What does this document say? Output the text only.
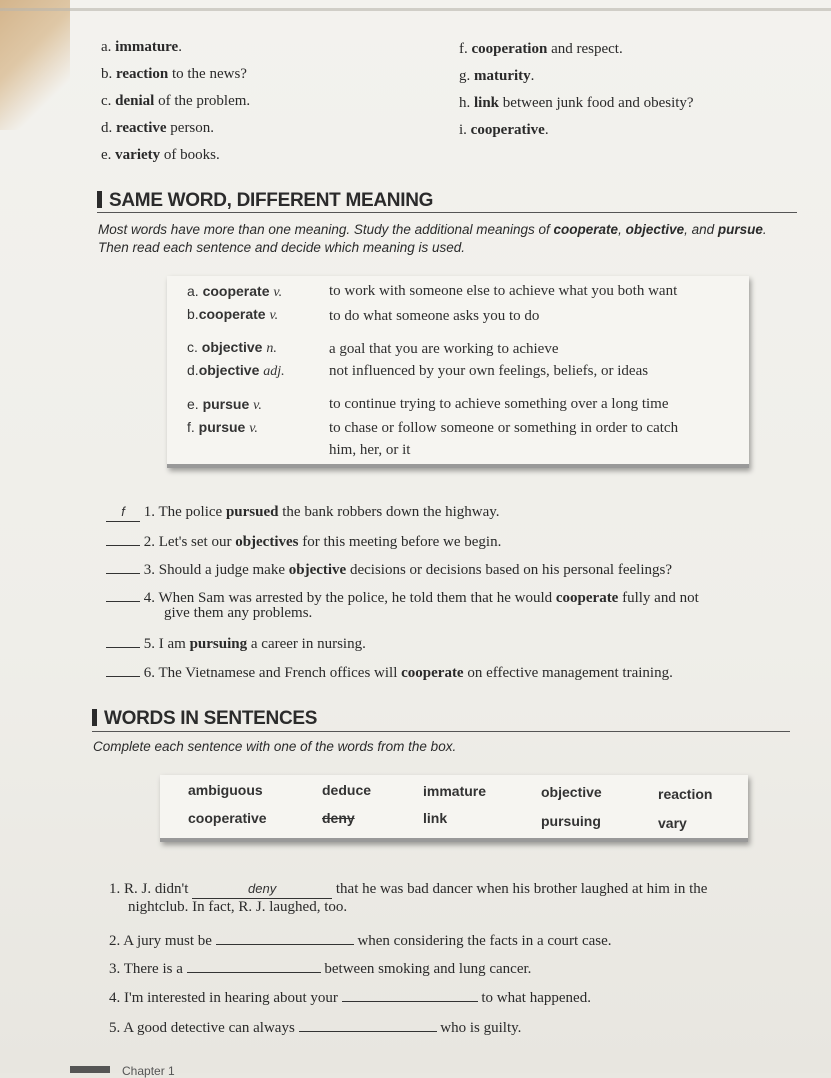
a. immature.
b. reaction to the news?
c. denial of the problem.
d. reactive person.
e. variety of books.
f. cooperation and respect.
g. maturity.
h. link between junk food and obesity?
i. cooperative.
SAME WORD, DIFFERENT MEANING
Most words have more than one meaning. Study the additional meanings of cooperate, objective, and pursue.
Then read each sentence and decide which meaning is used.
a. cooperate v.	to work with someone else to achieve what you both want
b.cooperate v.	to do what someone asks you to do
c. objective n.	a goal that you are working to achieve
d.objective adj.	not influenced by your own feelings, beliefs, or ideas
e. pursue v.	to continue trying to achieve something over a long time
f. pursue v.	to chase or follow someone or something in order to catch
him, her, or it
f 1. The police pursued the bank robbers down the highway.
2. Let's set our objectives for this meeting before we begin.
3. Should a judge make objective decisions or decisions based on his personal feelings?
4. When Sam was arrested by the police, he told them that he would cooperate fully and not
give them any problems.
5. I am pursuing a career in nursing.
6. The Vietnamese and French offices will cooperate on effective management training.
WORDS IN SENTENCES
Complete each sentence with one of the words from the box.
ambiguous	deduce	immature	objective	reaction
cooperative	deny	link	pursuing	vary
1. R. J. didn't	deny	that he was bad dancer when his brother laughed at him in the
nightclub. In fact, R. J. laughed, too.
2. A jury must be	when considering the facts in a court case.
3. There is a	between smoking and lung cancer.
4. I'm interested in hearing about your	to what happened.
5. A good detective can always	who is guilty.
Chapter 1
